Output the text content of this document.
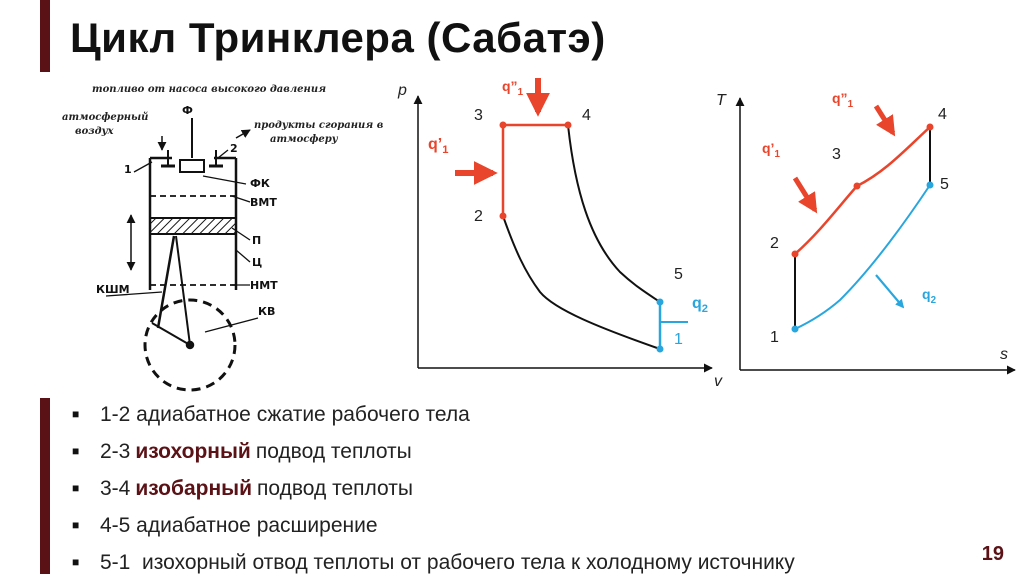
Цикл Тринклера (Сабатэ)
топливо от насоса высокого давления
Ф
атмосферный
воздух
продукты сгорания в
атмосферу
1
2
ФК
ВМТ
П
Ц
НМТ
КШМ
КВ
p
v
1
2
3	4
5
$q’_1$
$q”_1$
$q_2$
T
s
1
2
3
4
5
$q’_1$
$q”_1$
$q_2$
■ 1-2 адиабатное сжатие рабочего тела
■ 2-3 изохорный подвод теплоты
■ 3-4 изобарный подвод теплоты
■ 4-5 адиабатное расширение
■ 5-1  изохорный отвод теплоты от рабочего тела к холодному источнику	19
